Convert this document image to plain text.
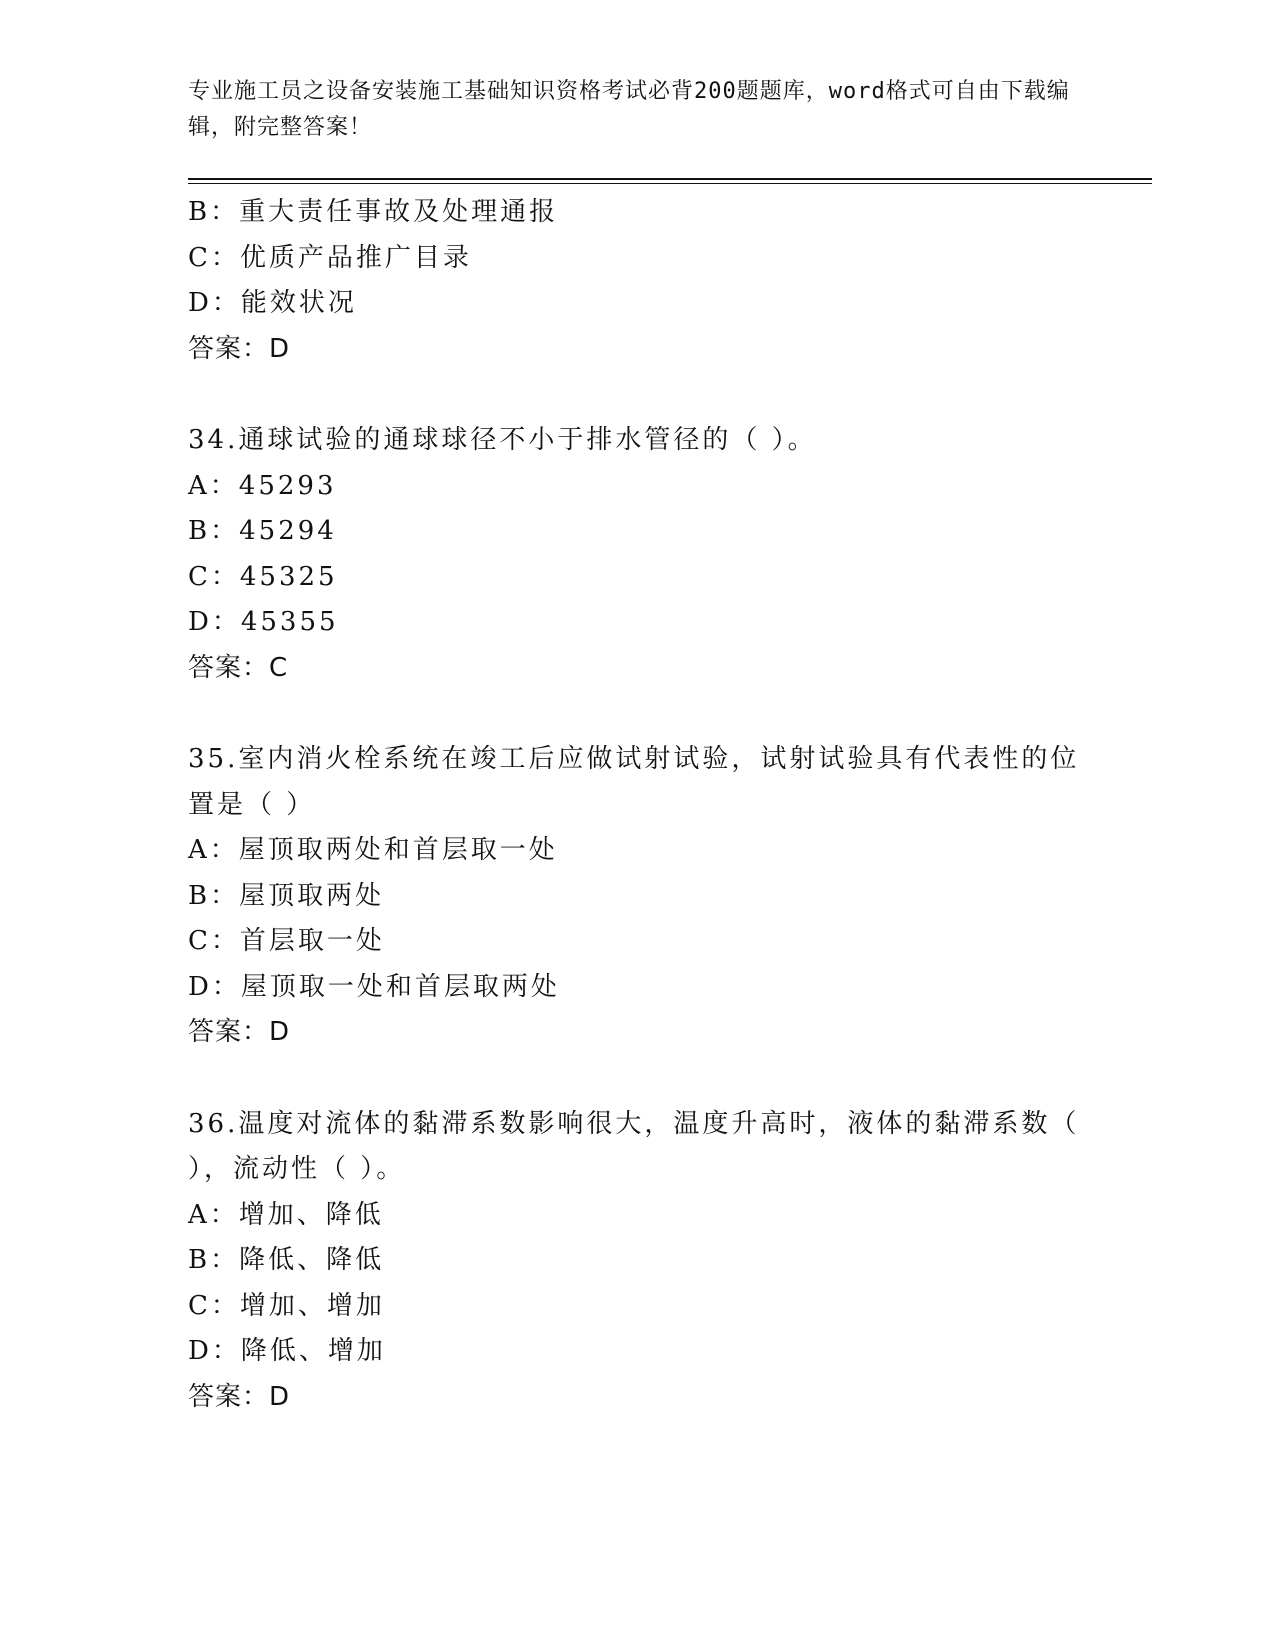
专业施工员之设备安装施工基础知识资格考试必背200题题库，word格式可自由下载编辑，附完整答案！
B：重大责任事故及处理通报
C：优质产品推广目录
D：能效状况
答案：D
34.通球试验的通球球径不小于排水管径的（ ）。
A：45293
B：45294
C：45325
D：45355
答案：C
35.室内消火栓系统在竣工后应做试射试验，试射试验具有代表性的位置是（ ）
A：屋顶取两处和首层取一处
B：屋顶取两处
C：首层取一处
D：屋顶取一处和首层取两处
答案：D
36.温度对流体的黏滞系数影响很大，温度升高时，液体的黏滞系数（ ），流动性（ ）。
A：增加、降低
B：降低、降低
C：增加、增加
D：降低、增加
答案：D
